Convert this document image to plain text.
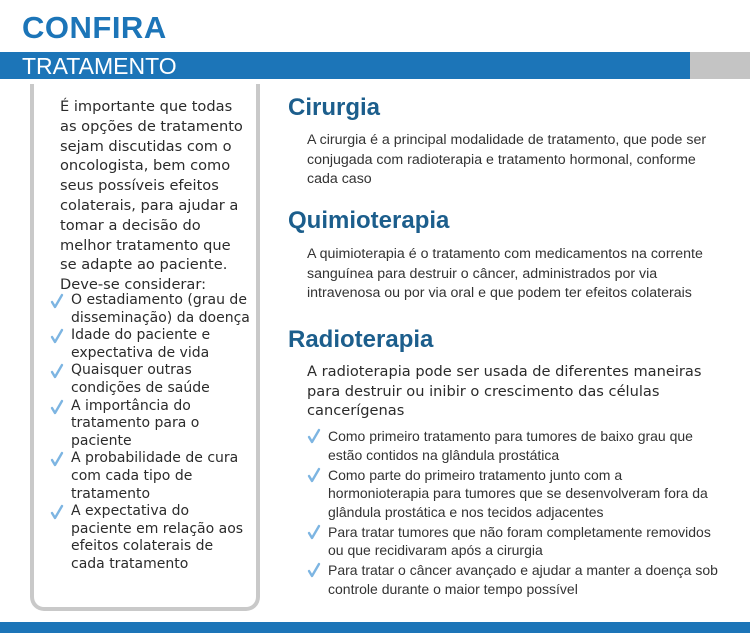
CONFIRA
TRATAMENTO
É importante que todas as opções de tratamento sejam discutidas com o oncologista, bem como seus possíveis efeitos colaterais, para ajudar a tomar a decisão do melhor tratamento que se adapte ao paciente. Deve-se considerar:
O estadiamento (grau de disseminação) da doença
Idade do paciente e expectativa de vida
Quaisquer outras condições de saúde
A importância do tratamento para o paciente
A probabilidade de cura com cada tipo de tratamento
A expectativa do paciente em relação aos efeitos colaterais de cada tratamento
Cirurgia
A cirurgia é a principal modalidade de tratamento, que pode ser conjugada com radioterapia e tratamento hormonal, conforme cada caso
Quimioterapia
A quimioterapia é o tratamento com medicamentos na corrente sanguínea para destruir o câncer, administrados por via intravenosa ou por via oral e que podem ter efeitos colaterais
Radioterapia
A radioterapia pode ser usada de diferentes maneiras para destruir ou inibir o crescimento das células cancerígenas
Como primeiro tratamento para tumores de baixo grau que estão contidos na glândula prostática
Como parte do primeiro tratamento junto com a hormonioterapia para tumores que se desenvolveram fora da glândula prostática e nos tecidos adjacentes
Para tratar tumores que não foram completamente removidos ou que recidivaram após a cirurgia
Para tratar o câncer avançado e ajudar a manter a doença sob controle durante o maior tempo possível
